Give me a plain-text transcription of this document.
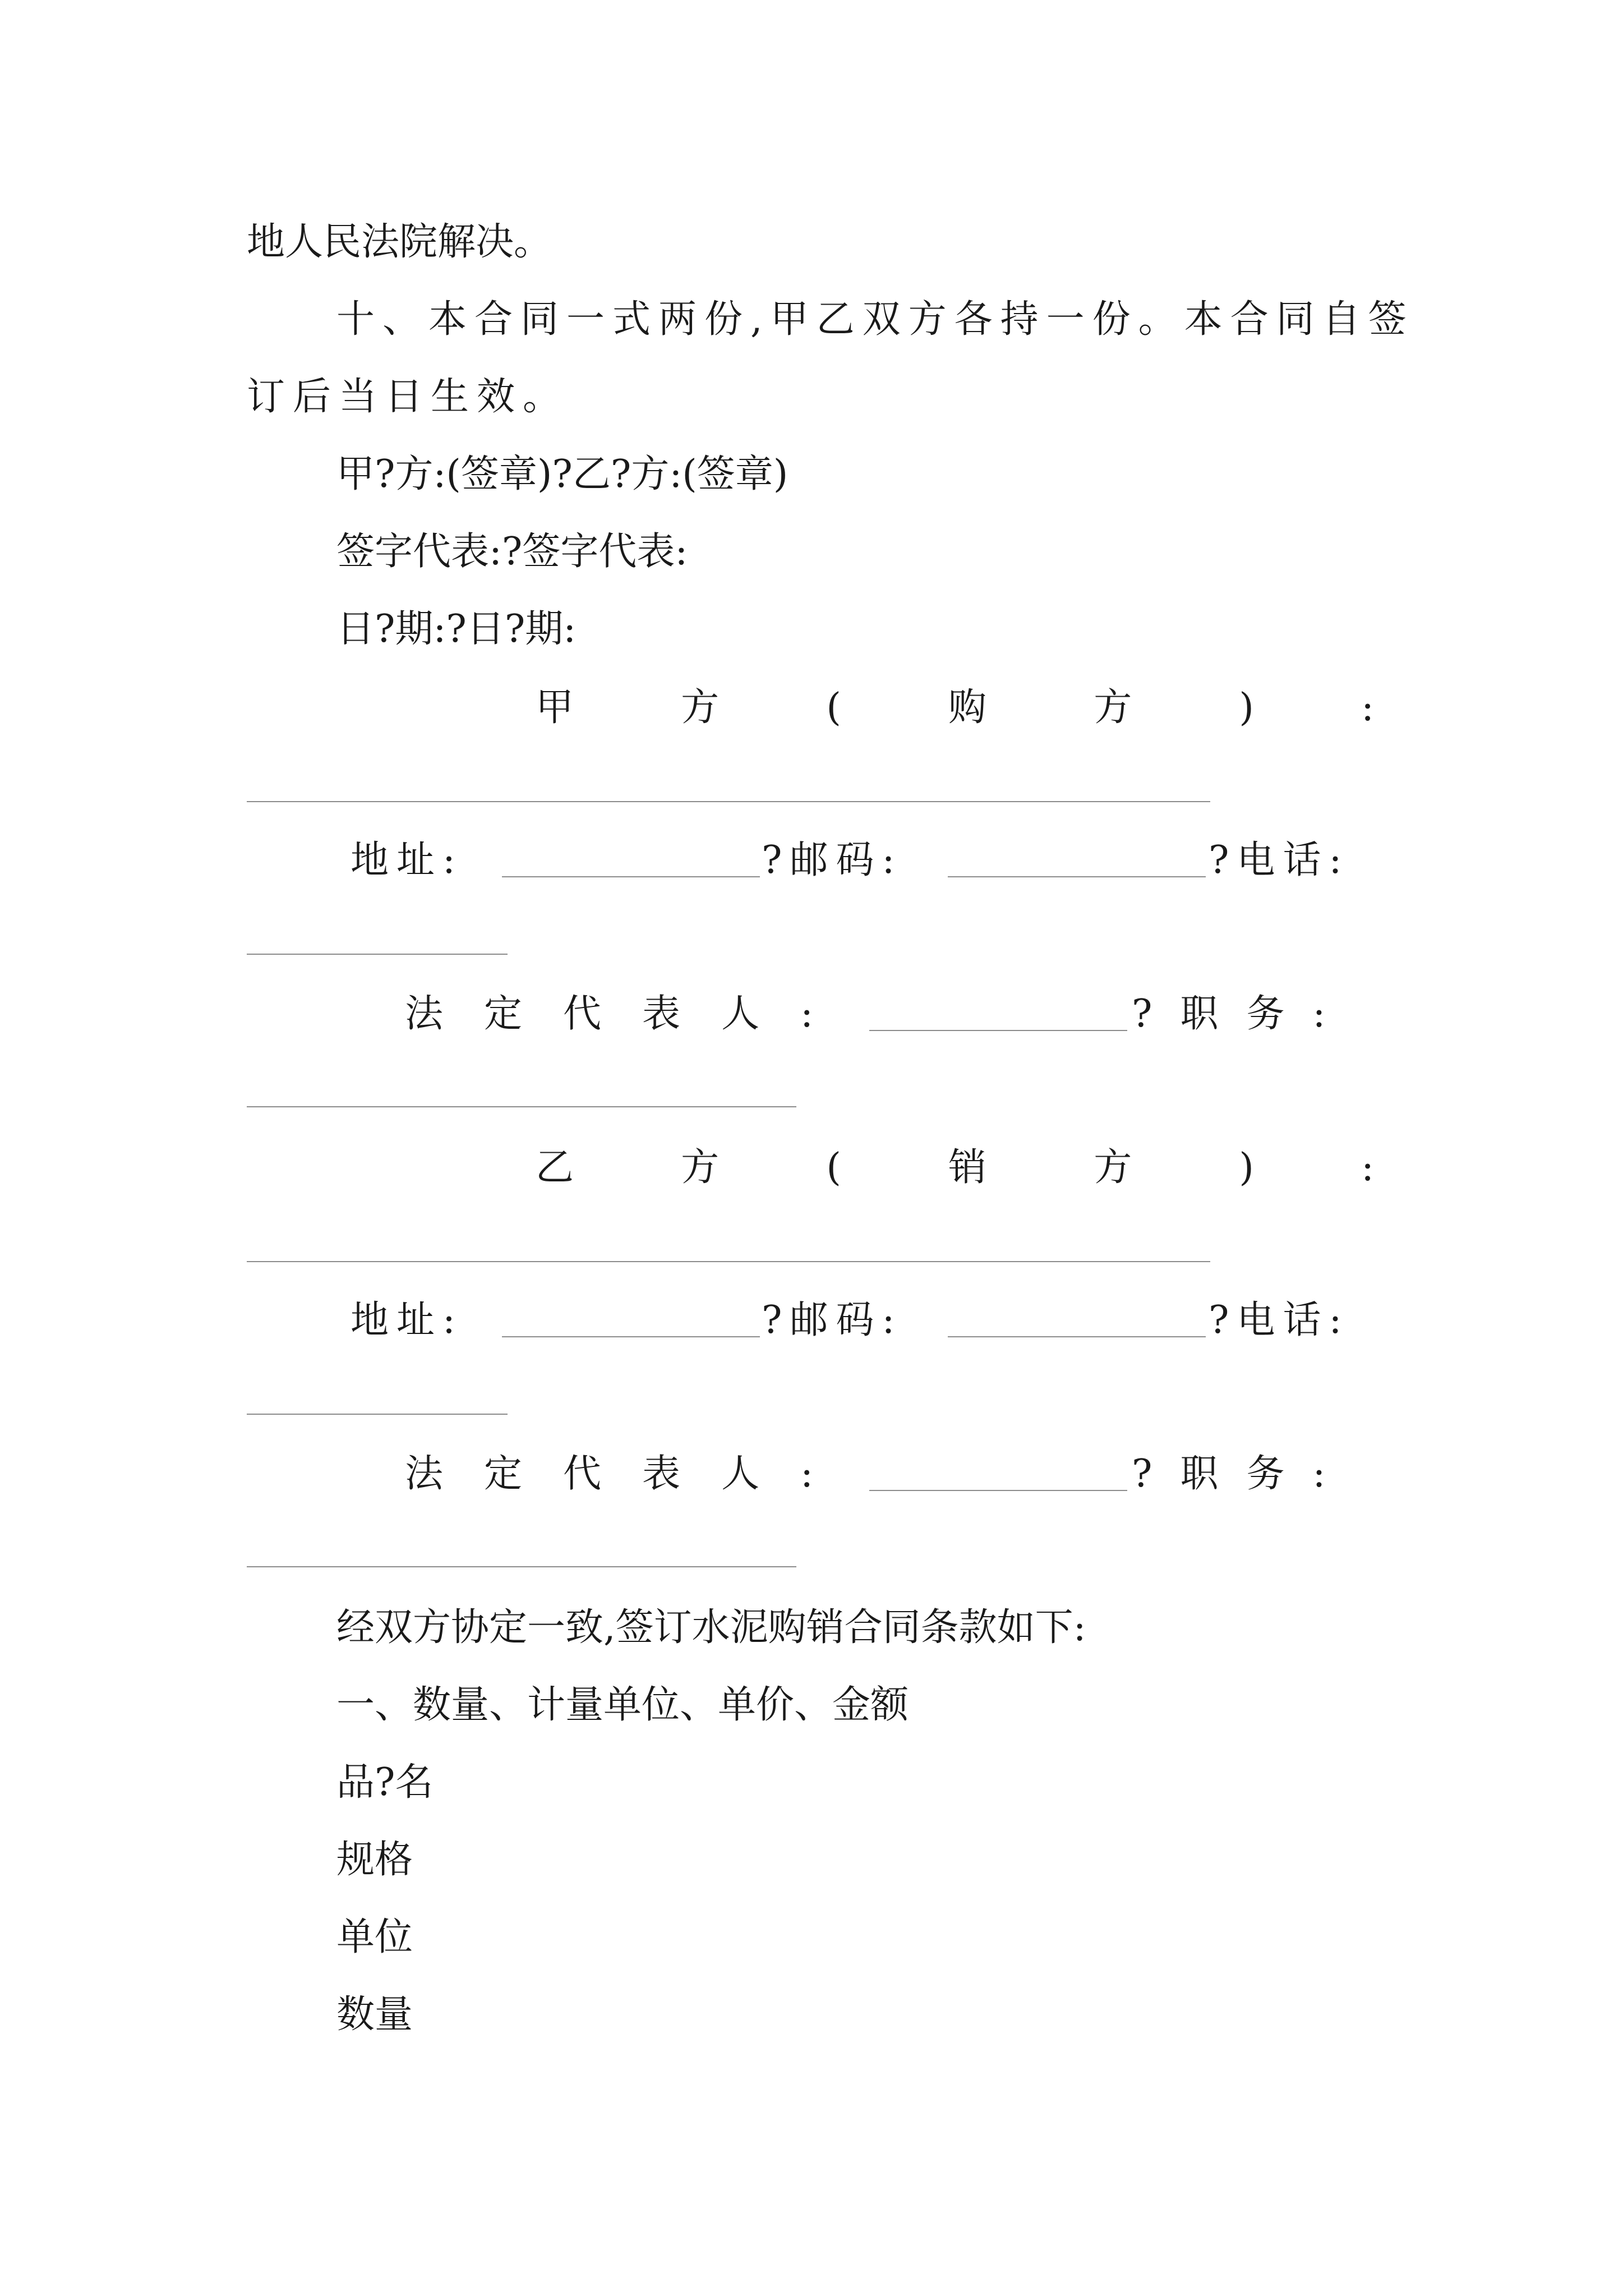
地人民法院解决。
十、本合同一式两份,甲乙双方各持一份。本合同自签
订后当日生效。
甲?方:(签章)?乙?方:(签章)
签字代表:?签字代表:
日?期:?日?期:
甲	方	(	购	方	)	:
地址:	?邮码:	?电话:
法 定 代 表 人 :	?职务:
乙	方	(	销	方	)	:
地址:	?邮码:	?电话:
法 定 代 表 人 :	?职务:
经双方协定一致,签订水泥购销合同条款如下:
一、数量、计量单位、单价、金额
品?名
规格
单位
数量
